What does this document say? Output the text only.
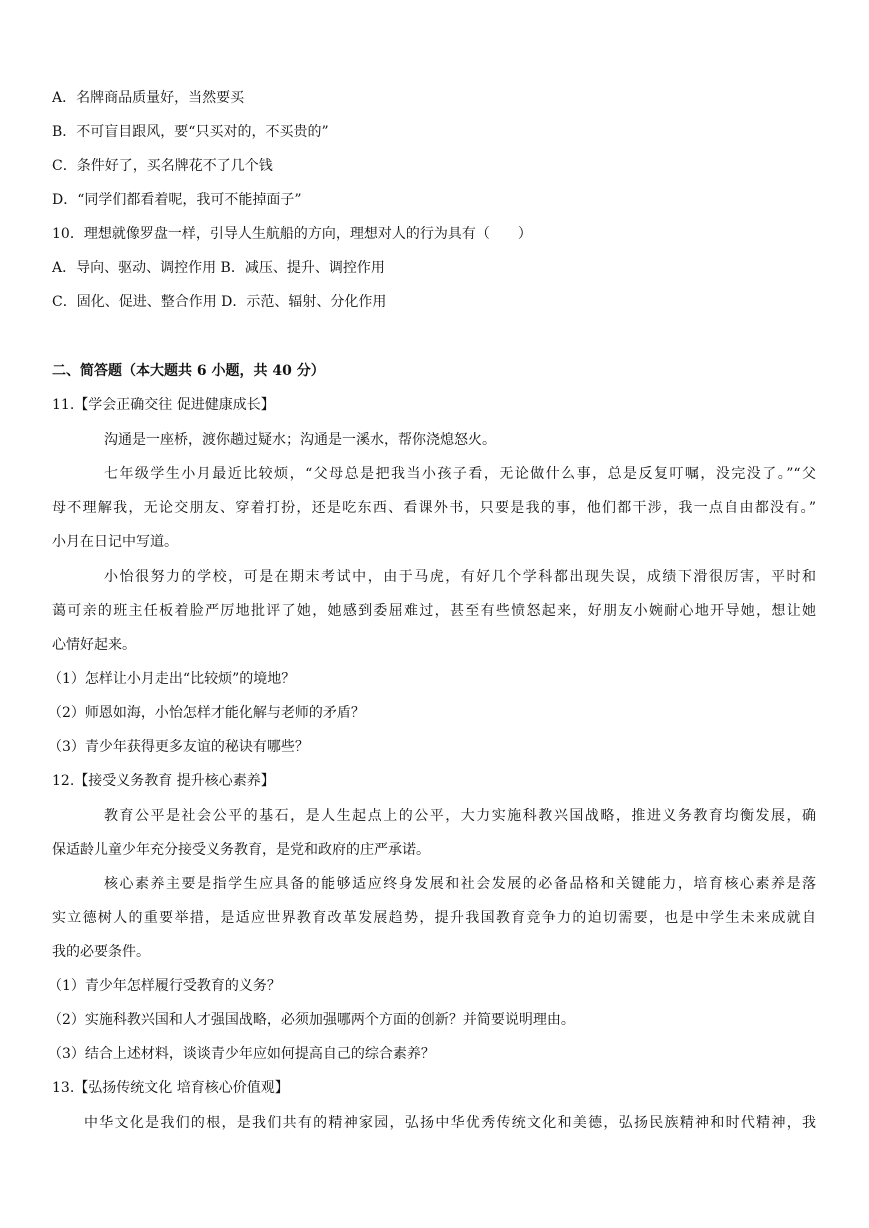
A．名牌商品质量好，当然要买
B．不可盲目跟风，要“只买对的，不买贵的”
C．条件好了，买名牌花不了几个钱
D．“同学们都看着呢，我可不能掉面子”
10．理想就像罗盘一样，引导人生航船的方向，理想对人的行为具有（　　）
A．导向、驱动、调控作用 B．减压、提升、调控作用
C．固化、促进、整合作用 D．示范、辐射、分化作用
二、简答题（本大题共 6 小题，共 40 分）
11.【学会正确交往 促进健康成长】
沟通是一座桥，渡你趟过疑水；沟通是一溪水，帮你浇熄怒火。
七年级学生小月最近比较烦，“父母总是把我当小孩子看，无论做什么事，总是反复叮嘱，没完没了。”“父
母不理解我，无论交朋友、穿着打扮，还是吃东西、看课外书，只要是我的事，他们都干涉，我一点自由都没有。”
小月在日记中写道。
小怡很努力的学校，可是在期末考试中，由于马虎，有好几个学科都出现失误，成绩下滑很厉害，平时和
蔼可亲的班主任板着脸严厉地批评了她，她感到委屈难过，甚至有些愤怒起来，好朋友小婉耐心地开导她，想让她
心情好起来。
（1）怎样让小月走出“比较烦”的境地？
（2）师恩如海，小怡怎样才能化解与老师的矛盾？
（3）青少年获得更多友谊的秘诀有哪些？
12.【接受义务教育 提升核心素养】
教育公平是社会公平的基石，是人生起点上的公平，大力实施科教兴国战略，推进义务教育均衡发展，确
保适龄儿童少年充分接受义务教育，是党和政府的庄严承诺。
核心素养主要是指学生应具备的能够适应终身发展和社会发展的必备品格和关键能力，培育核心素养是落
实立德树人的重要举措，是适应世界教育改革发展趋势，提升我国教育竞争力的迫切需要，也是中学生未来成就自
我的必要条件。
（1）青少年怎样履行受教育的义务？
（2）实施科教兴国和人才强国战略，必须加强哪两个方面的创新？并简要说明理由。
（3）结合上述材料，谈谈青少年应如何提高自己的综合素养？
13.【弘扬传统文化 培育核心价值观】
中华文化是我们的根，是我们共有的精神家园，弘扬中华优秀传统文化和美德，弘扬民族精神和时代精神，我
